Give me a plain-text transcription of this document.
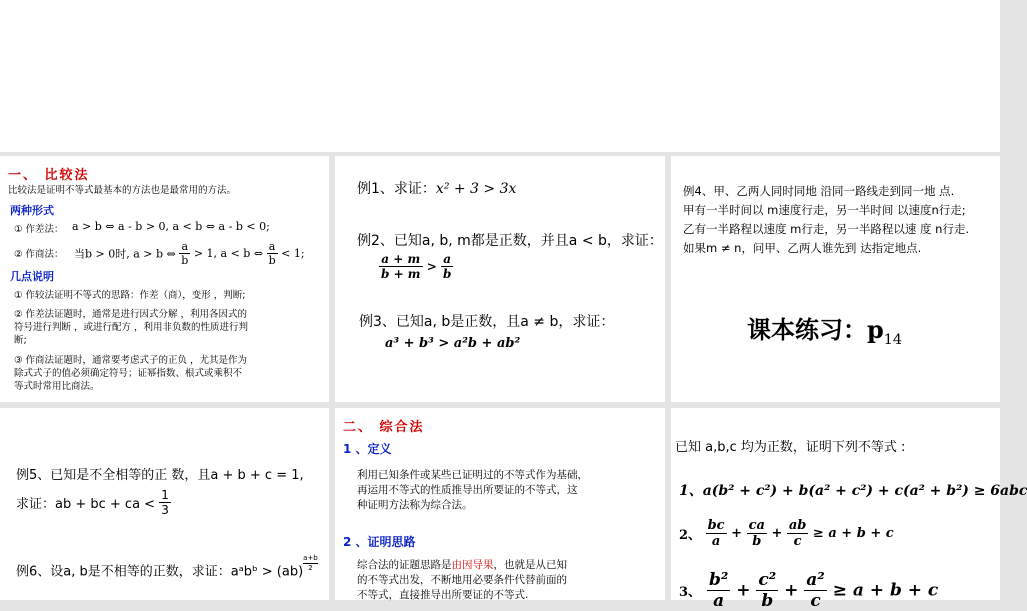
一、 比较法
比较法是证明不等式最基本的方法也是最常用的方法。
两种形式
① 作差法： a > b ⇔ a - b > 0, a < b ⇔ a - b < 0;
② 作商法： 当b > 0时, a > b ⇔ $\frac{a}{b} > 1$, a < b ⇔ $\frac{a}{b} < 1$;
几点说明
① 作较法证明不等式的思路：作差（商），变形 ，判断;
② 作差法证题时，通常是进行因式分解 ，利用各因式的
符号进行判断 ，或进行配方 ，利用非负数的性质进行判
断;
③ 作商法证题时，通常要考虑式子的正负 ，尤其是作为
除式式子的值必须确定符号；证幂指数、根式或乘积不
等式时常用比商法。
例1、求证：x² + 3 > 3x
例2、已知a, b, m都是正数，并且a < b，求证：
$\frac{a + m}{b + m} > \frac{a}{b}$
例3、已知a, b是正数，且a ≠ b，求证：
a³ + b³ > a²b + ab²
例4、甲、乙两人同时同地 沿同一路线走到同一地 点.
甲有一半时间以 m速度行走，另一半时间 以速度n行走;
乙有一半路程以速度 m行走，另一半路程以速 度 n行走.
如果m ≠ n，问甲、乙两人谁先到 达指定地点.
课本练习：$p_{14}$
例5、已知是不全相等的正 数，且a + b + c = 1,
求证：ab + bc + ca < $\frac{1}{3}$
例6、设a, b是不相等的正数，求证：aᵃbᵇ > (ab) $^{\frac{a+b}{2}}$
二、 综合法
1 、定义
利用已知条件或某些已证明过的不等式作为基础，
再运用不等式的性质推导出所要证的不等式，这
种证明方法称为综合法。
2 、证明思路
综合法的证题思路是由因导果，也就是从已知
的不等式出发，不断地用必要条件代替前面的
不等式，直接推导出所要证的不等式.
已知 a,b,c 均为正数，证明下列不等式 :
1、a(b² + c²) + b(a² + c²) + c(a² + b²) ≥ 6abc
2、 $\frac{bc}{a} + \frac{ca}{b} + \frac{ab}{c} \ge a + b + c$
3、 $\frac{\text{b²}}{a} + \frac{\text{c²}}{b} + \frac{\text{a²}}{c} \ge a + b + c$
